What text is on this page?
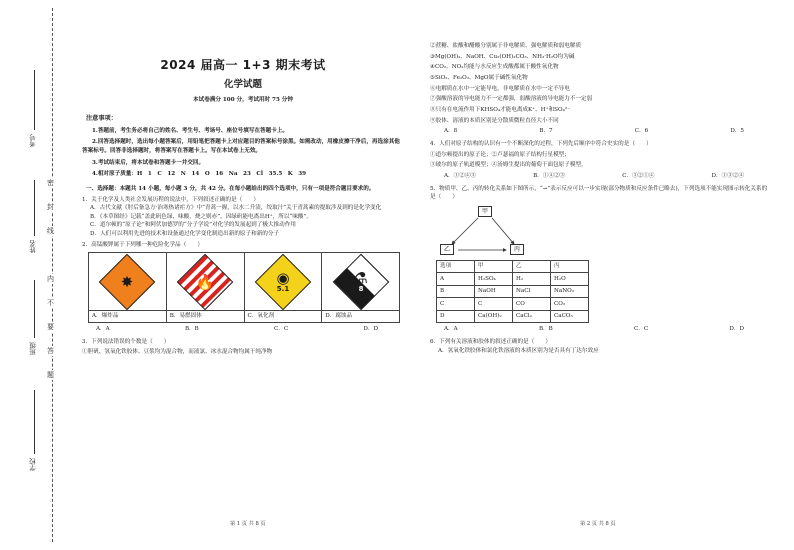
密
封
线
内
不
要
答
题
考号
姓名
班级
学校
2024 届高一 1+3 期末考试
化学试题
本试卷满分 100 分，考试用时 75 分钟
注意事项：
1.答题前，考生务必将自己的姓名、考生号、考场号、座位号填写在答题卡上。
2.回答选择题时，选出每小题答案后，用铅笔把答题卡上对应题目的答案标号涂黑。如需改动，用橡皮擦干净后，再选涂其他答案标号。回答非选择题时，将答案写在答题卡上。写在本试卷上无效。
3.考试结束后，将本试卷和答题卡一并交回。
4.相对原子质量：H　1　C　12　N　14　O　16　Na　23　Cl　35.5　K　39
一、选择题：本题共 14 小题，每小题 3 分，共 42 分。在每小题给出的四个选项中，只有一项是符合题目要求的。
1．关于化学及人类社会发展历程的说法中，下列叙述正确的是（　　）
A．古代文献《肘后备急方·治寒热诸疟方》中“青蒿一握，以水二升渍，绞取汁”关于青蒿素的提取涉及到的是化学变化
B．《本草图经》记载“盖此矾色绿，味酸，烧之则赤”，因绿矾能电离出H⁺，所以“味酸”。
C．道尔顿的“原子论”和阿伏加德罗的“分子学说”对化学的发展起到了极大推动作用
D．人们可以利用先进的技术和设备通过化学变化制造出新的原子和新的分子
2．高锰酸钾属于下列哪一种危险化学品（　　）
✸	🔥	◉
5.1	⚗
8

A．爆炸品	B．易燃固体	C．氧化剂	D．腐蚀品
A．A	B．B	C．C	D．D
3．下列说法错误的个数是（　　）
①胆矾、氢氧化铁胶体、豆浆均为混合物，而液氯、冰水混合物均属于纯净物
②蔗糖、盐酸和醋酸分别属于非电解质、强电解质和弱电解质
③Mg(OH)₂、NaOH、Cu₂(OH)₂CO₃、NH₃·H₂O均为碱
④CO₂、NO₂均能与水反应生成酸都属于酸性氧化物
⑤SiO₂、Fe₂O₃、MgO属于碱性氧化物
⑥电解质在水中一定能导电，非电解质在水中一定不导电
⑦强酸溶液的导电能力不一定都强，弱酸溶液的导电能力不一定弱
⑧只有在电流作用下KHSO₄才能电离成K⁺、H⁺和SO₄²⁻
⑨胶体、溶液的本质区别是分散质微粒直径大小不同
A．8	B．7	C．6	D．5
4．人们对原子结构的认识有一个不断深化的过程，下列先后顺序中符合史实的是（　　）
①道尔顿提出的原子论；②卢瑟福的原子结构行星模型；
③玻尔的原子轨道模型；④汤姆生提出的葡萄干面包原子模型。
A．①②④③	B．①④②③	C．③②①④	D．①③②④
5．物质甲、乙、丙的转化关系如下图所示，“→”表示反应可以一步实现(部分物质和反应条件已略去)，下列选项不能实现图示转化关系的是（　　）
甲
乙	丙
选项	甲	乙	丙
A	H₂SO₄	H₂	H₂O
B	NaOH	NaCl	NaNO₃
C	C	CO	CO₂
D	Ca(OH)₂	CaCl₂	CaCO₃
A．A	B．B	C．C	D．D
6．下列有关溶液和胶体的叙述正确的是（　　）
A．氢氧化铁胶体和氯化铁溶液的本质区别为是否具有丁达尔效应
第 1 页 共 8 页	第 2 页 共 8 页
